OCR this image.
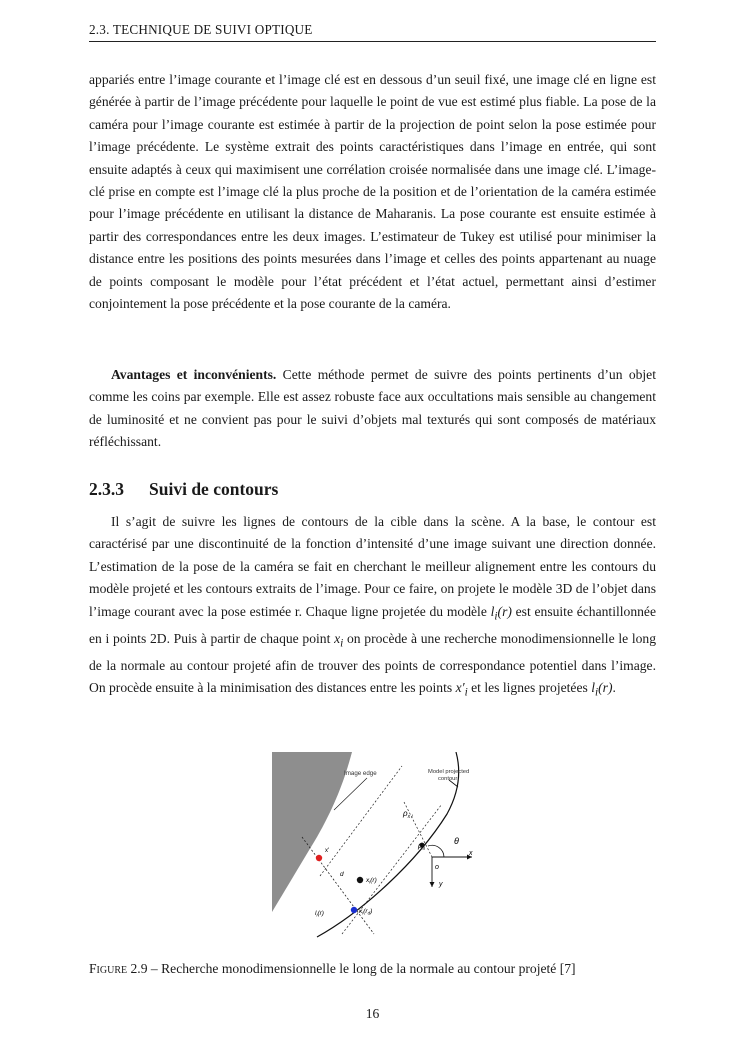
2.3. TECHNIQUE DE SUIVI OPTIQUE

appariés entre l’image courante et l’image clé est en dessous d’un seuil fixé, une image clé en ligne est générée à partir de l’image précédente pour laquelle le point de vue est estimé plus fiable. La pose de la caméra pour l’image courante est estimée à partir de la projection de point selon la pose estimée pour l’image précédente. Le système extrait des points caractéristiques dans l’image en entrée, qui sont ensuite adaptés à ceux qui maximisent une corrélation croisée normalisée dans une image clé. L’image-clé prise en compte est l’image clé la plus proche de la position et de l’orientation de la caméra estimée pour l’image précédente en utilisant la distance de Maharanis. La pose courante est ensuite estimée à partir des correspondances entre les deux images. L’estimateur de Tukey est utilisé pour minimiser la distance entre les positions des points mesurées dans l’image et celles des points appartenant au nuage de points composant le modèle pour l’état précédent et l’état actuel, permettant ainsi d’estimer conjointement la pose précédente et la pose courante de la caméra.

Avantages et inconvénients. Cette méthode permet de suivre des points pertinents d’un objet comme les coins par exemple. Elle est assez robuste face aux occultations mais sensible au changement de luminosité et ne convient pas pour le suivi d’objets mal texturés qui sont composés de matériaux réfléchissant.

2.3.3 Suivi de contours

Il s’agit de suivre les lignes de contours de la cible dans la scène. A la base, le contour est caractérisé par une discontinuité de la fonction d’intensité d’une image suivant une direction donnée. L’estimation de la pose de la caméra se fait en cherchant le meilleur alignement entre les contours du modèle projeté et les contours extraits de l’image. Pour ce faire, on projete le modèle 3D de l’objet dans l’image courant avec la pose estimée r. Chaque ligne projetée du modèle $l_i(r)$ est ensuite échantillonnée en i points 2D. Puis à partir de chaque point $x_i$ on procède à une recherche monodimensionnelle le long de la normale au contour projeté afin de trouver des points de correspondance potentiel dans l’image. On procède ensuite à la minimisation des distances entre les points $x'_i$ et les lignes projetées $l_i(r)$.

Image edge	Model projected
contour
$\rho_{x i}$
$\rho_{li}$
θ
x
y
o
x'
d
$x_i(r)$
$l_i(r)$	$x_i(r_d)$

Figure 2.9 – Recherche monodimensionnelle le long de la normale au contour projeté [7]

16
